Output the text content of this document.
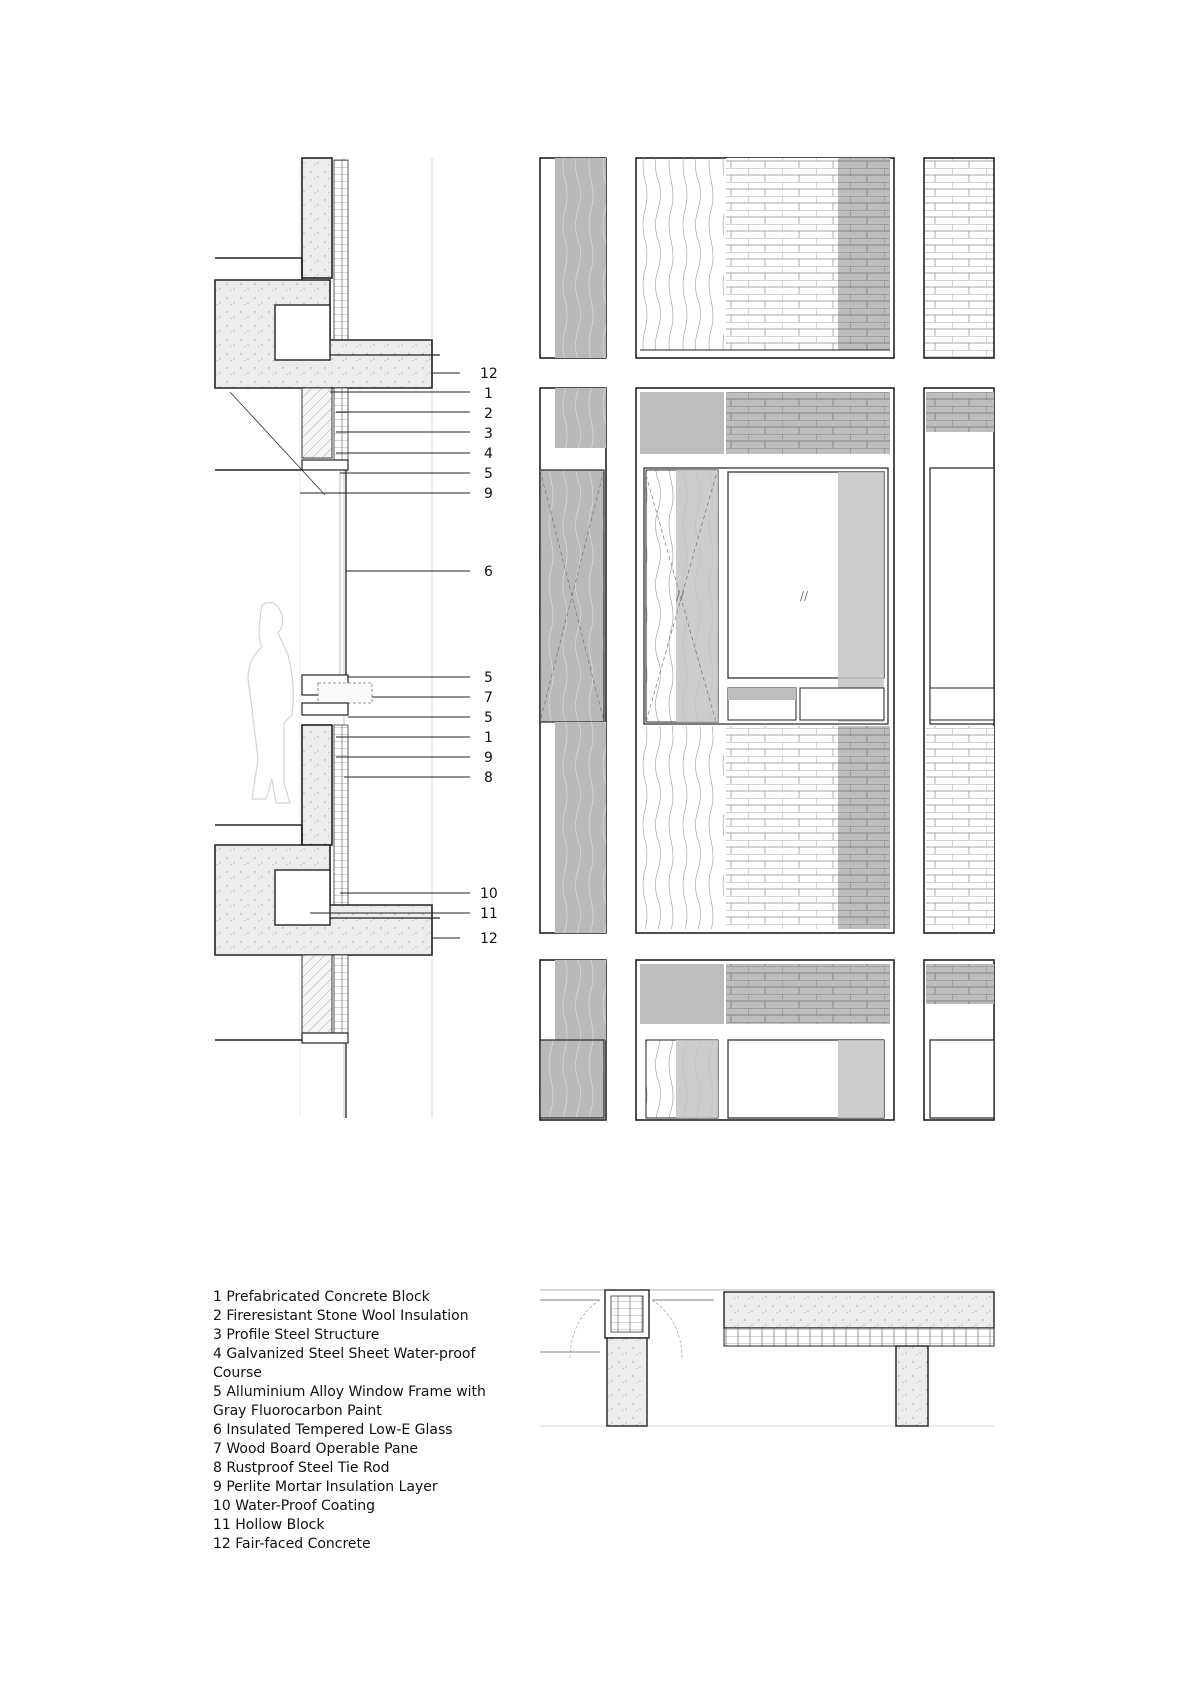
12
1
2
3
4
5
9
6
5
7
5
1
9
8
10
11
12
//
//
1 Prefabricated Concrete Block
2 Fireresistant Stone Wool Insulation
3 Profile Steel Structure
4 Galvanized Steel Sheet Water-proof Course
5 Alluminium Alloy Window Frame with Gray Fluorocarbon Paint
6 Insulated Tempered Low-E Glass
7 Wood Board Operable Pane
8 Rustproof Steel Tie Rod
9 Perlite Mortar Insulation Layer
10 Water-Proof Coating
11 Hollow Block
12 Fair-faced Concrete
